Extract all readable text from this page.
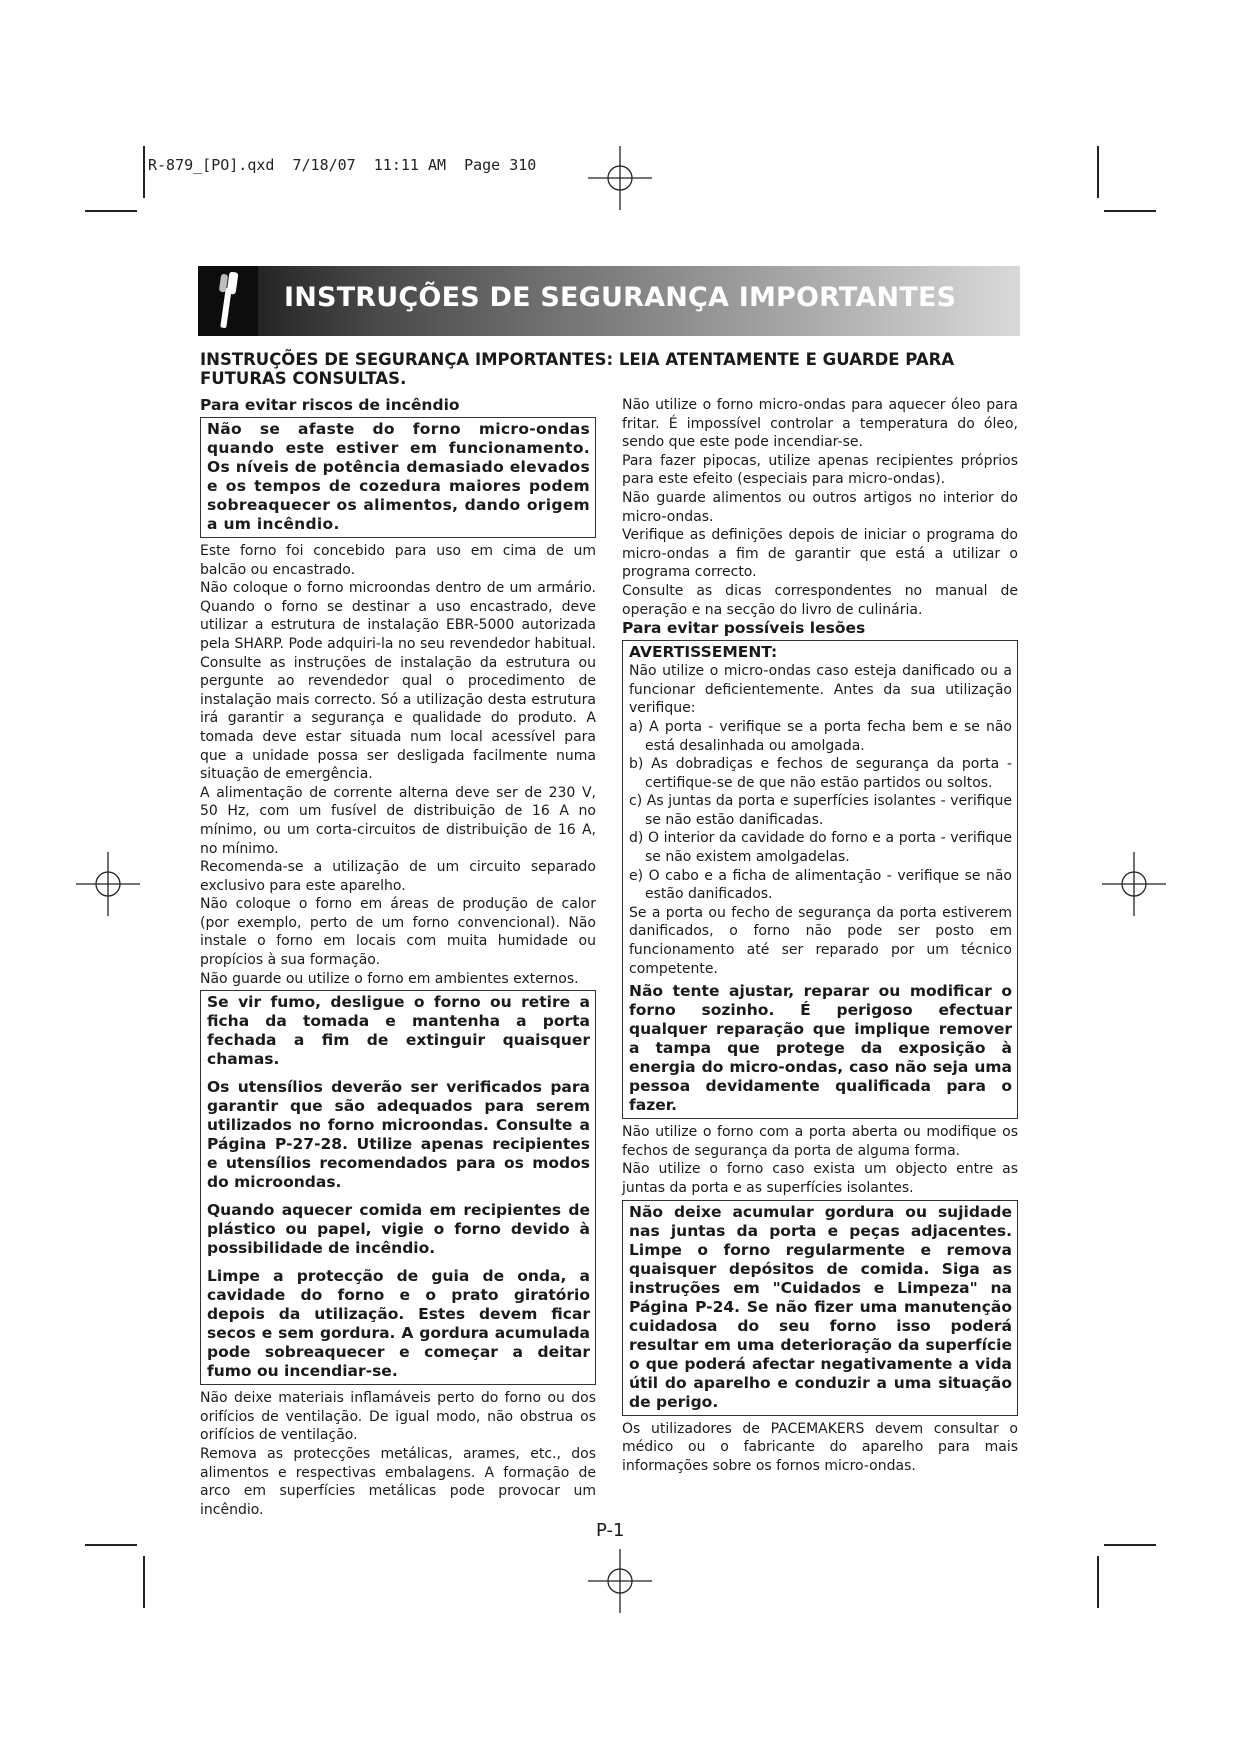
R-879_[PO].qxd  7/18/07  11:11 AM  Page 310
INSTRUÇÕES DE SEGURANÇA IMPORTANTES
INSTRUÇÕES DE SEGURANÇA IMPORTANTES: LEIA ATENTAMENTE E GUARDE PARA FUTURAS CONSULTAS.
Para evitar riscos de incêndio

Não se afaste do forno micro-ondas quando este estiver em funcionamento. Os níveis de potência demasiado elevados e os tempos de cozedura maiores podem sobreaquecer os alimentos, dando origem a um incêndio.

Este forno foi concebido para uso em cima de um balcão ou encastrado.

Não coloque o forno microondas dentro de um armário. Quando o forno se destinar a uso encastrado, deve utilizar a estrutura de instalação EBR-5000 autorizada pela SHARP. Pode adquiri-la no seu revendedor habitual. Consulte as instruções de instalação da estrutura ou pergunte ao revendedor qual o procedimento de instalação mais correcto. Só a utilização desta estrutura irá garantir a segurança e qualidade do produto. A tomada deve estar situada num local acessível para que a unidade possa ser desligada facilmente numa situação de emergência.

A alimentação de corrente alterna deve ser de 230 V, 50 Hz, com um fusível de distribuição de 16 A no mínimo, ou um corta-circuitos de distribuição de 16 A, no mínimo.

Recomenda-se a utilização de um circuito separado exclusivo para este aparelho.

Não coloque o forno em áreas de produção de calor (por exemplo, perto de um forno convencional). Não instale o forno em locais com muita humidade ou propícios à sua formação.

Não guarde ou utilize o forno em ambientes externos.

Se vir fumo, desligue o forno ou retire a ficha da tomada e mantenha a porta fechada a fim de extinguir quaisquer chamas.

Os utensílios deverão ser verificados para garantir que são adequados para serem utilizados no forno microondas. Consulte a Página P-27-28. Utilize apenas recipientes e utensílios recomendados para os modos do microondas.

Quando aquecer comida em recipientes de plástico ou papel, vigie o forno devido à possibilidade de incêndio.

Limpe a protecção de guia de onda, a cavidade do forno e o prato giratório depois da utilização. Estes devem ficar secos e sem gordura. A gordura acumulada pode sobreaquecer e começar a deitar fumo ou incendiar-se.

Não deixe materiais inflamáveis perto do forno ou dos orifícios de ventilação. De igual modo, não obstrua os orifícios de ventilação.

Remova as protecções metálicas, arames, etc., dos alimentos e respectivas embalagens. A formação de arco em superfícies metálicas pode provocar um incêndio.

Não utilize o forno micro-ondas para aquecer óleo para fritar. É impossível controlar a temperatura do óleo, sendo que este pode incendiar-se.

Para fazer pipocas, utilize apenas recipientes próprios para este efeito (especiais para micro-ondas).

Não guarde alimentos ou outros artigos no interior do micro-ondas.

Verifique as definições depois de iniciar o programa do micro-ondas a fim de garantir que está a utilizar o programa correcto.

Consulte as dicas correspondentes no manual de operação e na secção do livro de culinária.

Para evitar possíveis lesões
AVERTISSEMENT:

Não utilize o micro-ondas caso esteja danificado ou a funcionar deficientemente. Antes da sua utilização verifique:

a) A porta - verifique se a porta fecha bem e se não está desalinhada ou amolgada.

b) As dobradiças e fechos de segurança da porta - certifique-se de que não estão partidos ou soltos.

c) As juntas da porta e superfícies isolantes - verifique se não estão danificadas.

d) O interior da cavidade do forno e a porta - verifique se não existem amolgadelas.

e) O cabo e a ficha de alimentação - verifique se não estão danificados.

Se a porta ou fecho de segurança da porta estiverem danificados, o forno não pode ser posto em funcionamento até ser reparado por um técnico competente.

Não tente ajustar, reparar ou modificar o forno sozinho. É perigoso efectuar qualquer reparação que implique remover a tampa que protege da exposição à energia do micro-ondas, caso não seja uma pessoa devidamente qualificada para o fazer.

Não utilize o forno com a porta aberta ou modifique os fechos de segurança da porta de alguma forma.

Não utilize o forno caso exista um objecto entre as juntas da porta e as superfícies isolantes.

Não deixe acumular gordura ou sujidade nas juntas da porta e peças adjacentes. Limpe o forno regularmente e remova quaisquer depósitos de comida. Siga as instruções em "Cuidados e Limpeza" na Página P-24. Se não fizer uma manutenção cuidadosa do seu forno isso poderá resultar em uma deterioração da superfície o que poderá afectar negativamente a vida útil do aparelho e conduzir a uma situação de perigo.

Os utilizadores de PACEMAKERS devem consultar o médico ou o fabricante do aparelho para mais informações sobre os fornos micro-ondas.

P-1
